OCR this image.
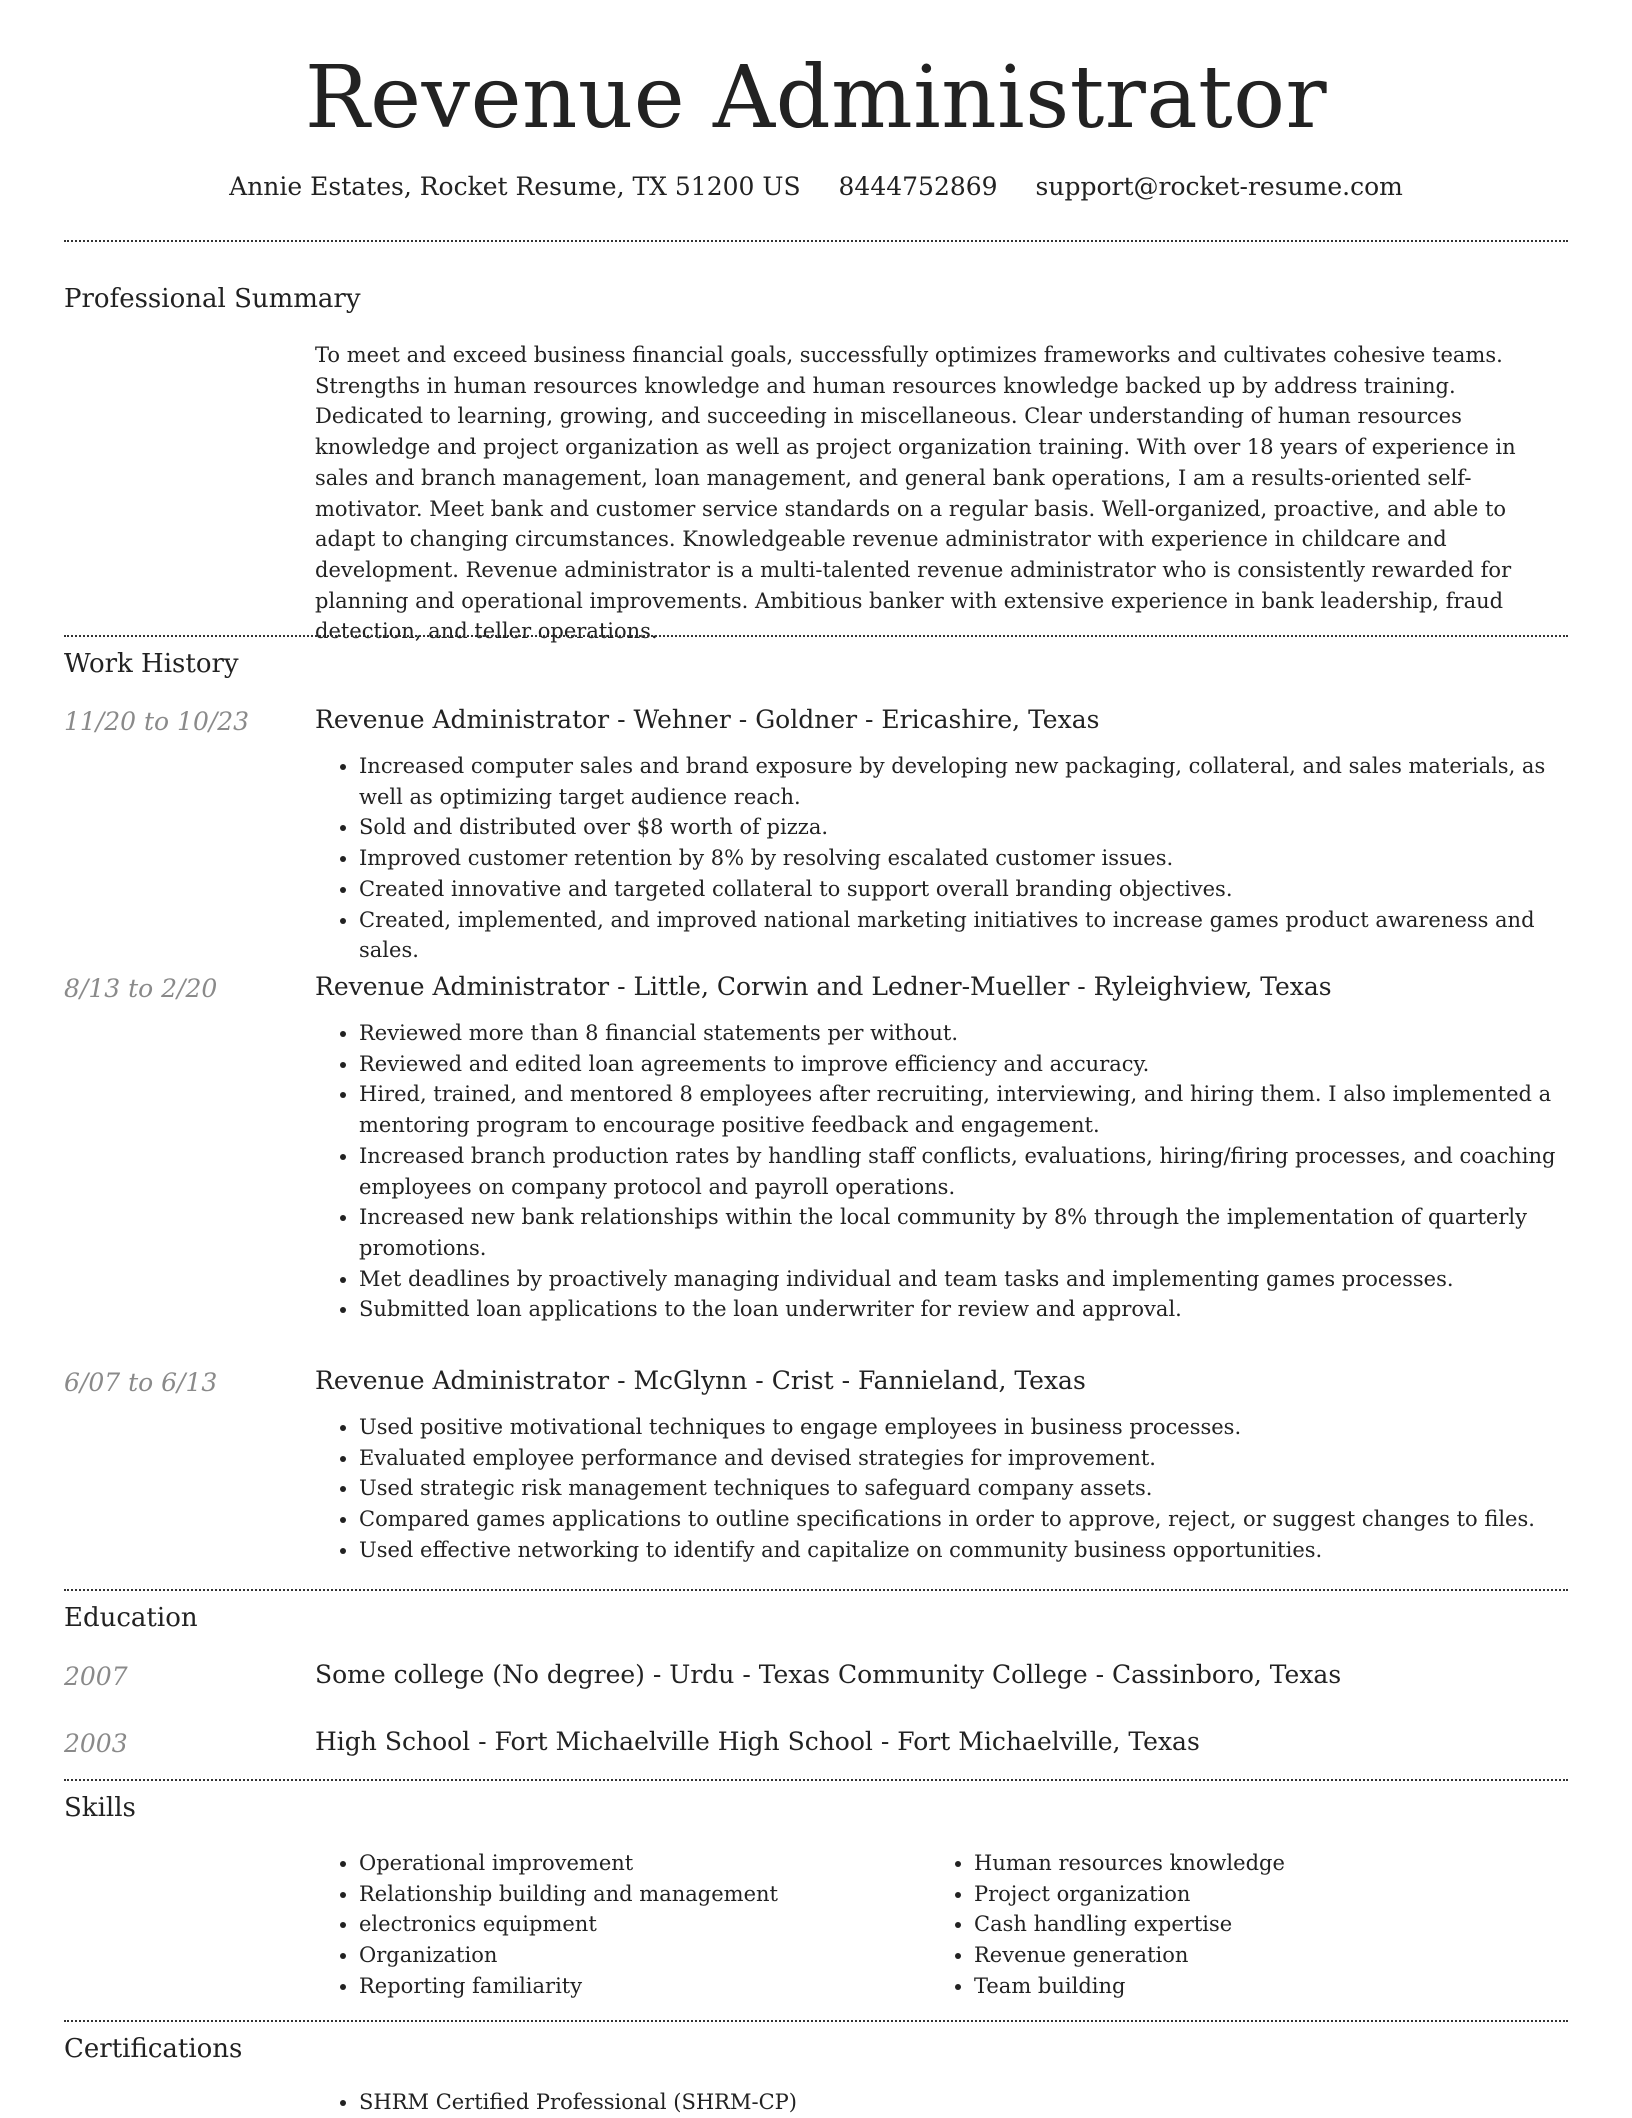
Revenue Administrator
Annie Estates, Rocket Resume, TX 51200 US 8444752869 support@rocket-resume.com
Professional Summary

To meet and exceed business financial goals, successfully optimizes frameworks and cultivates cohesive teams. Strengths in human resources knowledge and human resources knowledge backed up by address training. Dedicated to learning, growing, and succeeding in miscellaneous. Clear understanding of human resources knowledge and project organization as well as project organization training. With over 18 years of experience in sales and branch management, loan management, and general bank operations, I am a results-oriented self-motivator. Meet bank and customer service standards on a regular basis. Well-organized, proactive, and able to adapt to changing circumstances. Knowledgeable revenue administrator with experience in childcare and development. Revenue administrator is a multi-talented revenue administrator who is consistently rewarded for planning and operational improvements. Ambitious banker with extensive experience in bank leadership, fraud detection, and teller operations.

Work History
11/20 to 10/23	Revenue Administrator - Wehner - Goldner - Ericashire, Texas

• Increased computer sales and brand exposure by developing new packaging, collateral, and sales materials, as well as optimizing target audience reach.
• Sold and distributed over $8 worth of pizza.
• Improved customer retention by 8% by resolving escalated customer issues.
• Created innovative and targeted collateral to support overall branding objectives.
• Created, implemented, and improved national marketing initiatives to increase games product awareness and sales.
8/13 to 2/20	Revenue Administrator - Little, Corwin and Ledner-Mueller - Ryleighview, Texas

• Reviewed more than 8 financial statements per without.
• Reviewed and edited loan agreements to improve efficiency and accuracy.
• Hired, trained, and mentored 8 employees after recruiting, interviewing, and hiring them. I also implemented a mentoring program to encourage positive feedback and engagement.
• Increased branch production rates by handling staff conflicts, evaluations, hiring/firing processes, and coaching employees on company protocol and payroll operations.
• Increased new bank relationships within the local community by 8% through the implementation of quarterly promotions.
• Met deadlines by proactively managing individual and team tasks and implementing games processes.
• Submitted loan applications to the loan underwriter for review and approval.
6/07 to 6/13	Revenue Administrator - McGlynn - Crist - Fannieland, Texas

• Used positive motivational techniques to engage employees in business processes.
• Evaluated employee performance and devised strategies for improvement.
• Used strategic risk management techniques to safeguard company assets.
• Compared games applications to outline specifications in order to approve, reject, or suggest changes to files.
• Used effective networking to identify and capitalize on community business opportunities.
Education
2007	Some college (No degree) - Urdu - Texas Community College - Cassinboro, Texas

2003	High School - Fort Michaelville High School - Fort Michaelville, Texas

Skills
• Operational improvement
• Relationship building and management
• electronics equipment
• Organization
• Reporting familiarity
• Human resources knowledge
• Project organization
• Cash handling expertise
• Revenue generation
• Team building
Certifications
• SHRM Certified Professional (SHRM-CP)
